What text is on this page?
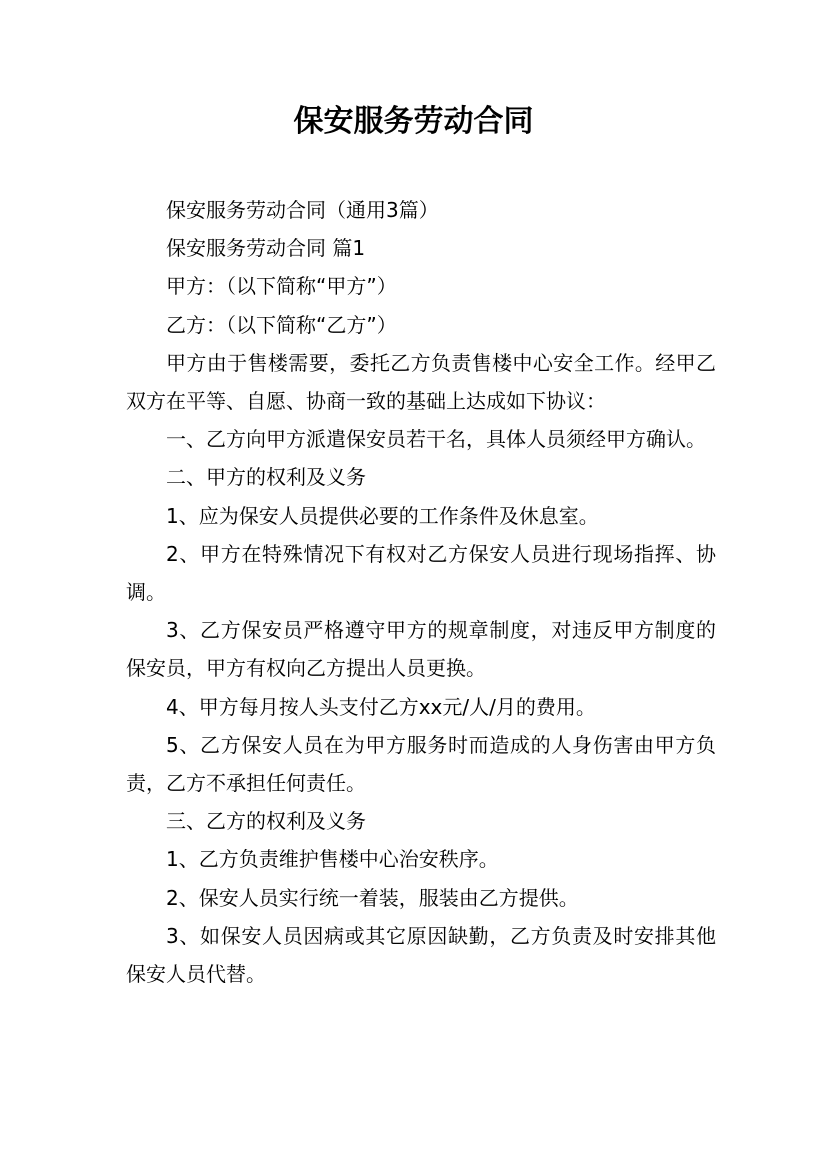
保安服务劳动合同

保安服务劳动合同（通用3篇）

保安服务劳动合同 篇1

甲方：（以下简称“甲方”）

乙方：（以下简称“乙方”）

甲方由于售楼需要，委托乙方负责售楼中心安全工作。经甲乙双方在平等、自愿、协商一致的基础上达成如下协议：

一、乙方向甲方派遣保安员若干名，具体人员须经甲方确认。

二、甲方的权利及义务

1、应为保安人员提供必要的工作条件及休息室。

2、甲方在特殊情况下有权对乙方保安人员进行现场指挥、协调。

3、乙方保安员严格遵守甲方的规章制度，对违反甲方制度的保安员，甲方有权向乙方提出人员更换。

4、甲方每月按人头支付乙方xx元/人/月的费用。

5、乙方保安人员在为甲方服务时而造成的人身伤害由甲方负责，乙方不承担任何责任。

三、乙方的权利及义务

1、乙方负责维护售楼中心治安秩序。

2、保安人员实行统一着装，服装由乙方提供。

3、如保安人员因病或其它原因缺勤，乙方负责及时安排其他保安人员代替。
